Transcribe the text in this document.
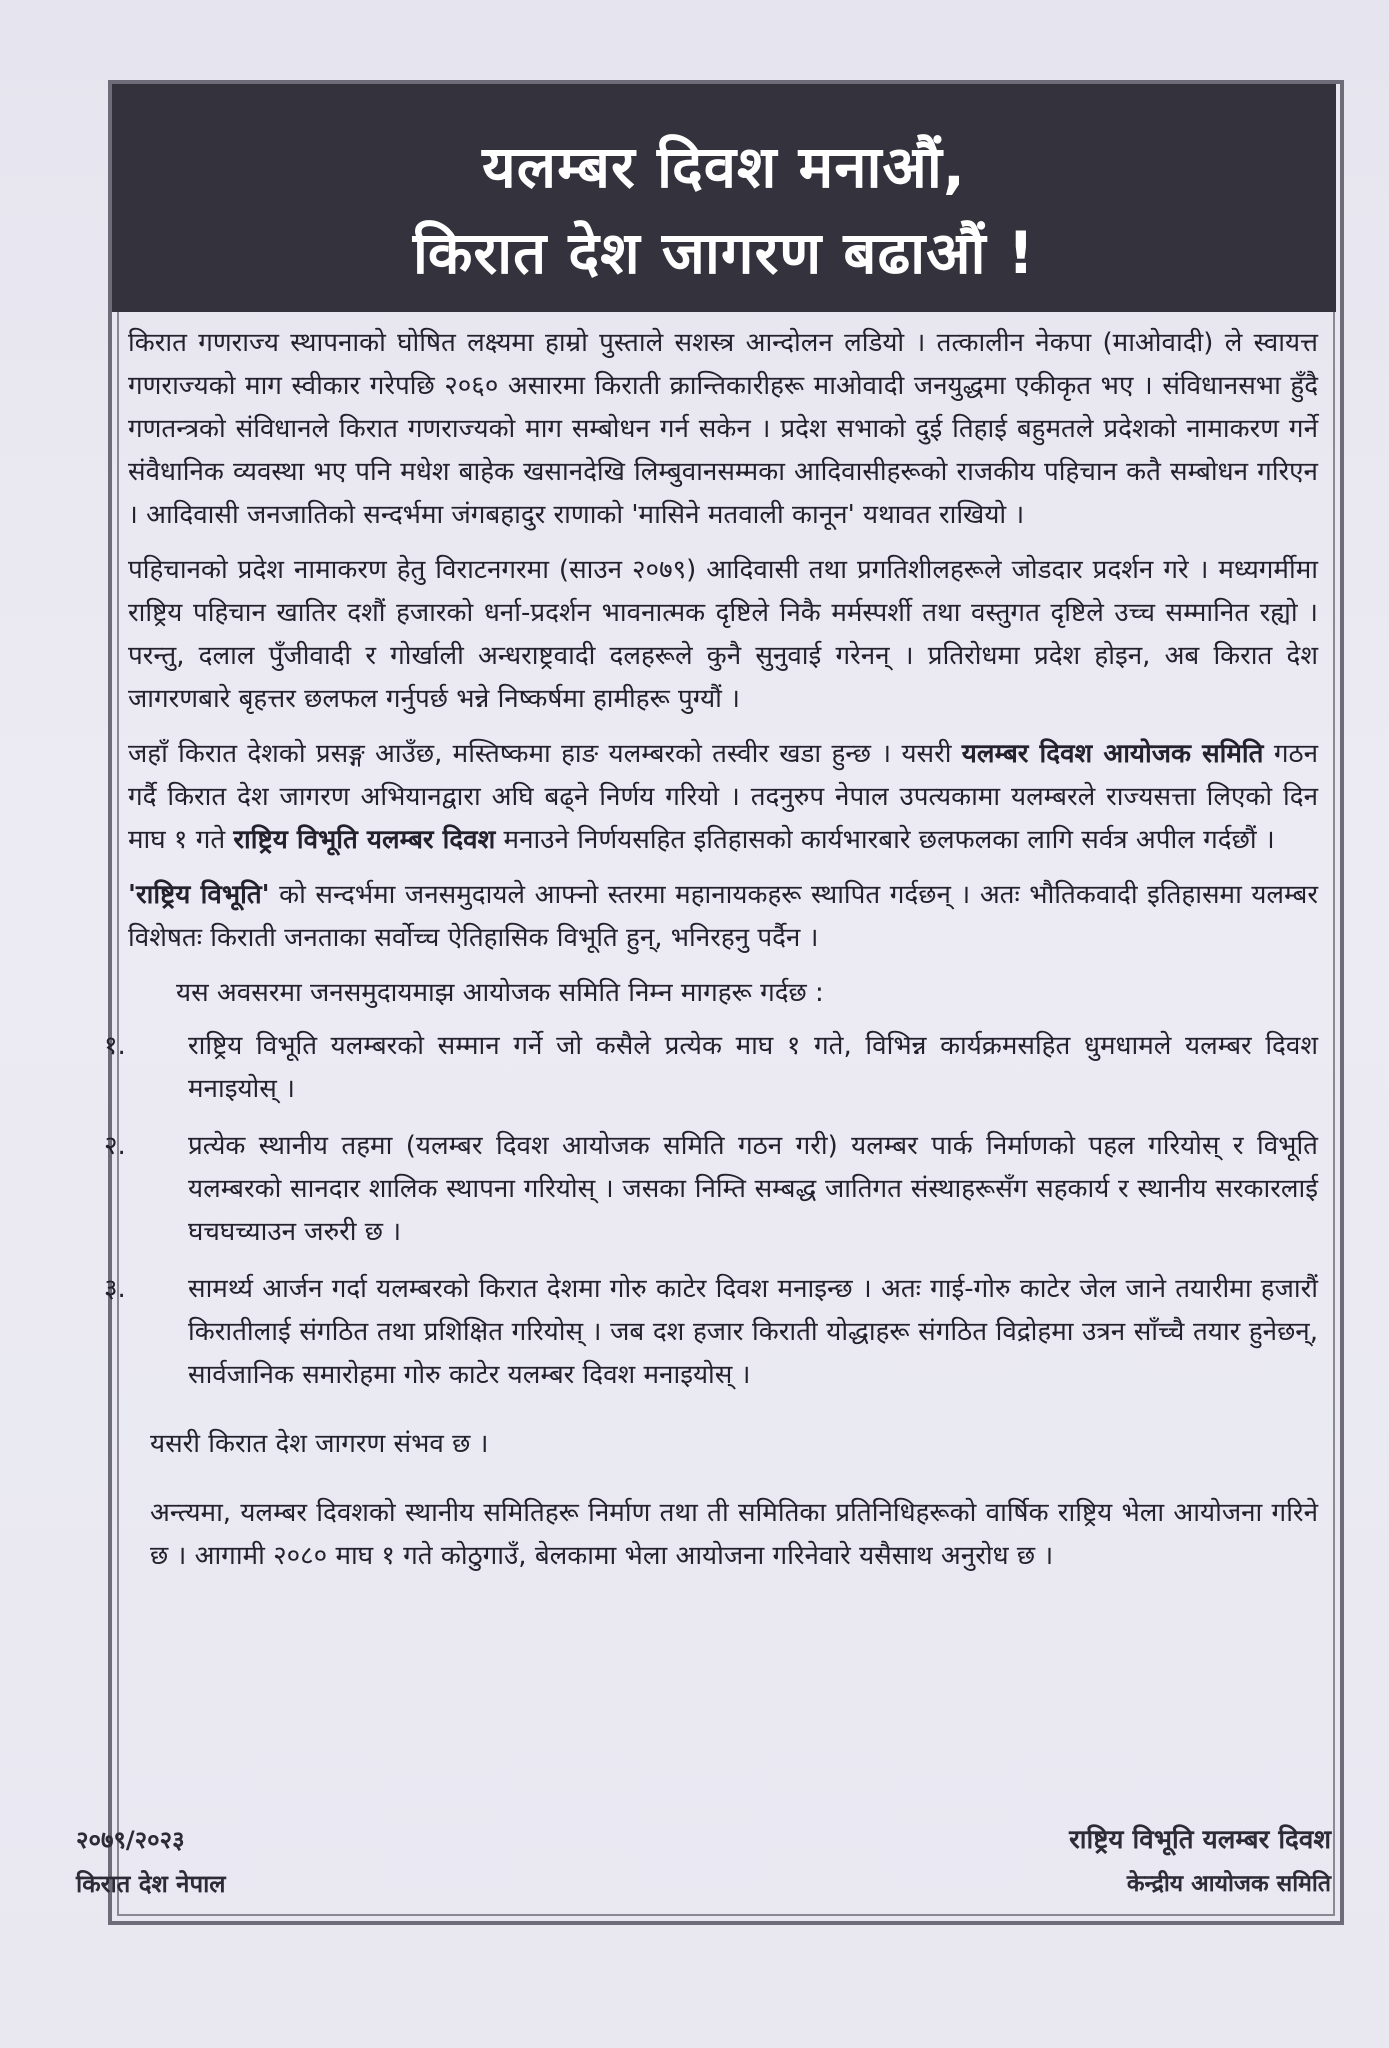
यलम्बर दिवश मनाऔं,
किरात देश जागरण बढाऔं !

किरात गणराज्य स्थापनाको घोषित लक्ष्यमा हाम्रो पुस्ताले सशस्त्र आन्दोलन लडियो । तत्कालीन नेकपा (माओवादी) ले स्वायत्त गणराज्यको माग स्वीकार गरेपछि २०६० असारमा किराती क्रान्तिकारीहरू माओवादी जनयुद्धमा एकीकृत भए । संविधानसभा हुँदै गणतन्त्रको संविधानले किरात गणराज्यको माग सम्बोधन गर्न सकेन । प्रदेश सभाको दुई तिहाई बहुमतले प्रदेशको नामाकरण गर्ने संवैधानिक व्यवस्था भए पनि मधेश बाहेक खसानदेखि लिम्बुवानसम्मका आदिवासीहरूको राजकीय पहिचान कतै सम्बोधन गरिएन । आदिवासी जनजातिको सन्दर्भमा जंगबहादुर राणाको 'मासिने मतवाली कानून' यथावत राखियो ।

पहिचानको प्रदेश नामाकरण हेतु विराटनगरमा (साउन २०७९) आदिवासी तथा प्रगतिशीलहरूले जोडदार प्रदर्शन गरे । मध्यगर्मीमा राष्ट्रिय पहिचान खातिर दशौं हजारको धर्ना-प्रदर्शन भावनात्मक दृष्टिले निकै मर्मस्पर्शी तथा वस्तुगत दृष्टिले उच्च सम्मानित रह्यो । परन्तु, दलाल पुँजीवादी र गोर्खाली अन्धराष्ट्रवादी दलहरूले कुनै सुनुवाई गरेनन् । प्रतिरोधमा प्रदेश होइन, अब किरात देश जागरणबारे बृहत्तर छलफल गर्नुपर्छ भन्ने निष्कर्षमा हामीहरू पुग्यौं ।

जहाँ किरात देशको प्रसङ्ग आउँछ, मस्तिष्कमा हाङ यलम्बरको तस्वीर खडा हुन्छ । यसरी यलम्बर दिवश आयोजक समिति गठन गर्दै किरात देश जागरण अभियानद्वारा अघि बढ्ने निर्णय गरियो । तदनुरुप नेपाल उपत्यकामा यलम्बरले राज्यसत्ता लिएको दिन माघ १ गते राष्ट्रिय विभूति यलम्बर दिवश मनाउने निर्णयसहित इतिहासको कार्यभारबारे छलफलका लागि सर्वत्र अपील गर्दछौं ।

'राष्ट्रिय विभूति' को सन्दर्भमा जनसमुदायले आफ्नो स्तरमा महानायकहरू स्थापित गर्दछन् । अतः भौतिकवादी इतिहासमा यलम्बर विशेषतः किराती जनताका सर्वोच्च ऐतिहासिक विभूति हुन्, भनिरहनु पर्दैन ।

यस अवसरमा जनसमुदायमाझ आयोजक समिति निम्न मागहरू गर्दछ :

१.	राष्ट्रिय विभूति यलम्बरको सम्मान गर्ने जो कसैले प्रत्येक माघ १ गते, विभिन्न कार्यक्रमसहित धुमधामले यलम्बर दिवश मनाइयोस् ।
२.	प्रत्येक स्थानीय तहमा (यलम्बर दिवश आयोजक समिति गठन गरी) यलम्बर पार्क निर्माणको पहल गरियोस् र विभूति यलम्बरको सानदार शालिक स्थापना गरियोस् । जसका निम्ति सम्बद्ध जातिगत संस्थाहरूसँग सहकार्य र स्थानीय सरकारलाई घचघच्याउन जरुरी छ ।
३.	सामर्थ्य आर्जन गर्दा यलम्बरको किरात देशमा गोरु काटेर दिवश मनाइन्छ । अतः गाई-गोरु काटेर जेल जाने तयारीमा हजारौं किरातीलाई संगठित तथा प्रशिक्षित गरियोस् । जब दश हजार किराती योद्धाहरू संगठित विद्रोहमा उत्रन साँच्चै तयार हुनेछन्, सार्वजानिक समारोहमा गोरु काटेर यलम्बर दिवश मनाइयोस् ।

यसरी किरात देश जागरण संभव छ ।

अन्त्यमा, यलम्बर दिवशको स्थानीय समितिहरू निर्माण तथा ती समितिका प्रतिनिधिहरूको वार्षिक राष्ट्रिय भेला आयोजना गरिने छ । आगामी २०८० माघ १ गते कोठुगाउँ, बेलकामा भेला आयोजना गरिनेवारे यसैसाथ अनुरोध छ ।

२०७९/२०२३
किरात देश नेपाल
राष्ट्रिय विभूति यलम्बर दिवश
केन्द्रीय आयोजक समिति
